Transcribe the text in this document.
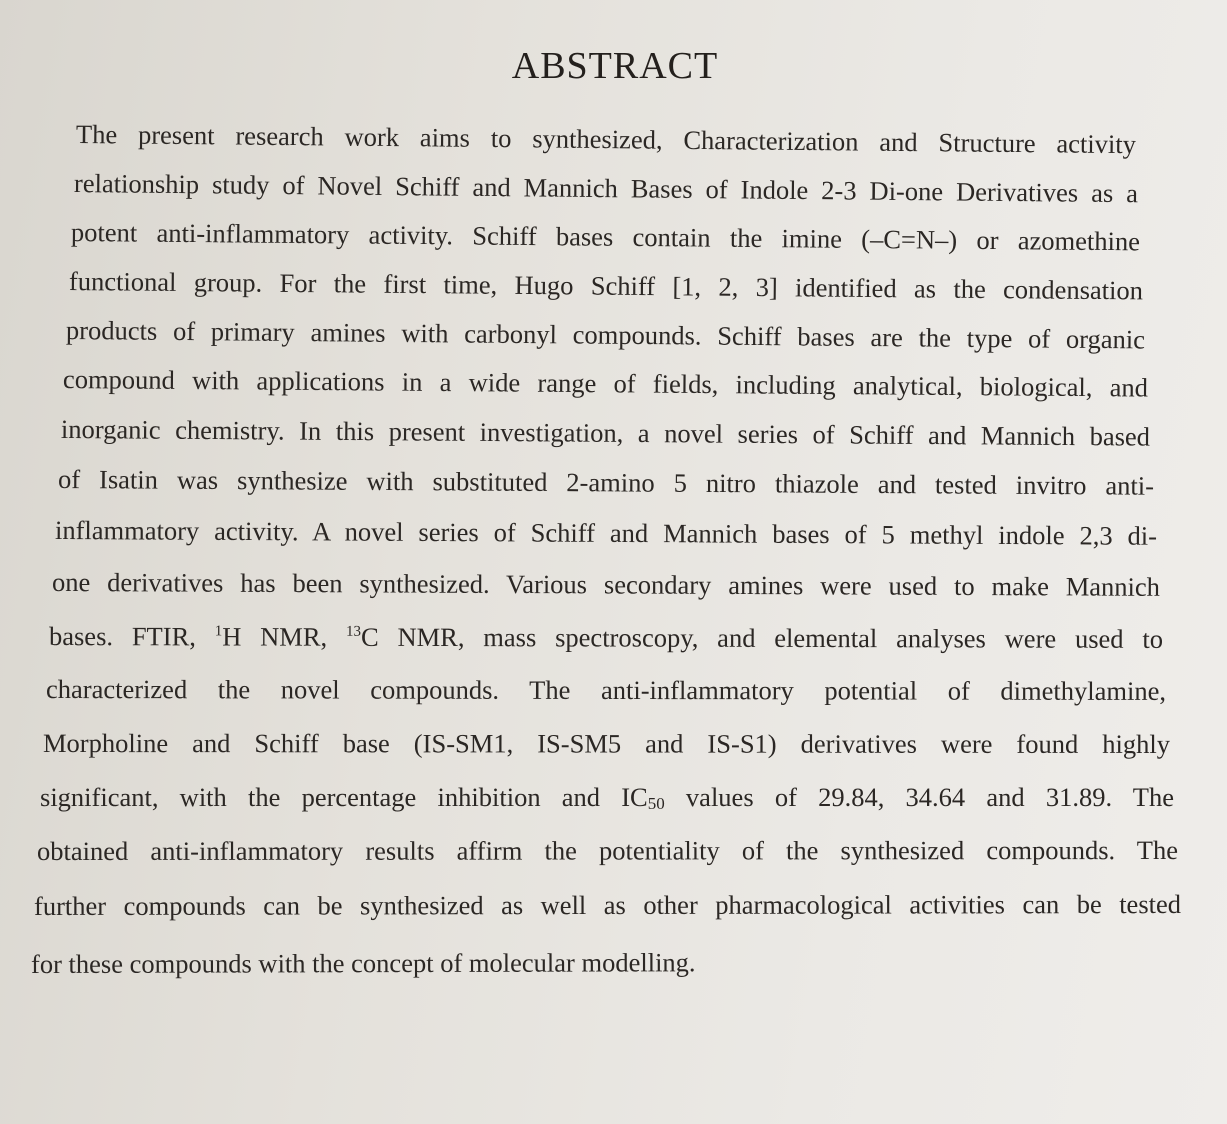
ABSTRACT
The present research work aims to synthesized, Characterization and Structure activity
relationship study of Novel Schiff and Mannich Bases of Indole 2-3 Di-one Derivatives as a
potent anti-inflammatory activity. Schiff bases contain the imine (–C=N–) or azomethine
functional group. For the first time, Hugo Schiff [1, 2, 3] identified as the condensation
products of primary amines with carbonyl compounds. Schiff bases are the type of organic
compound with applications in a wide range of fields, including analytical, biological, and
inorganic chemistry. In this present investigation, a novel series of Schiff and Mannich based
of Isatin was synthesize with substituted 2-amino 5 nitro thiazole and tested invitro anti-
inflammatory activity. A novel series of Schiff and Mannich bases of 5 methyl indole 2,3 di-
one derivatives has been synthesized. Various secondary amines were used to make Mannich
bases. FTIR, $^1$H NMR, $^{13}$C NMR, mass spectroscopy, and elemental analyses were used to
characterized the novel compounds. The anti-inflammatory potential of dimethylamine,
Morpholine and Schiff base (IS-SM1, IS-SM5 and IS-S1) derivatives were found highly
significant, with the percentage inhibition and $IC_{50}$ values of 29.84, 34.64 and 31.89. The
obtained anti-inflammatory results affirm the potentiality of the synthesized compounds. The
further compounds can be synthesized as well as other pharmacological activities can be tested
for these compounds with the concept of molecular modelling.
